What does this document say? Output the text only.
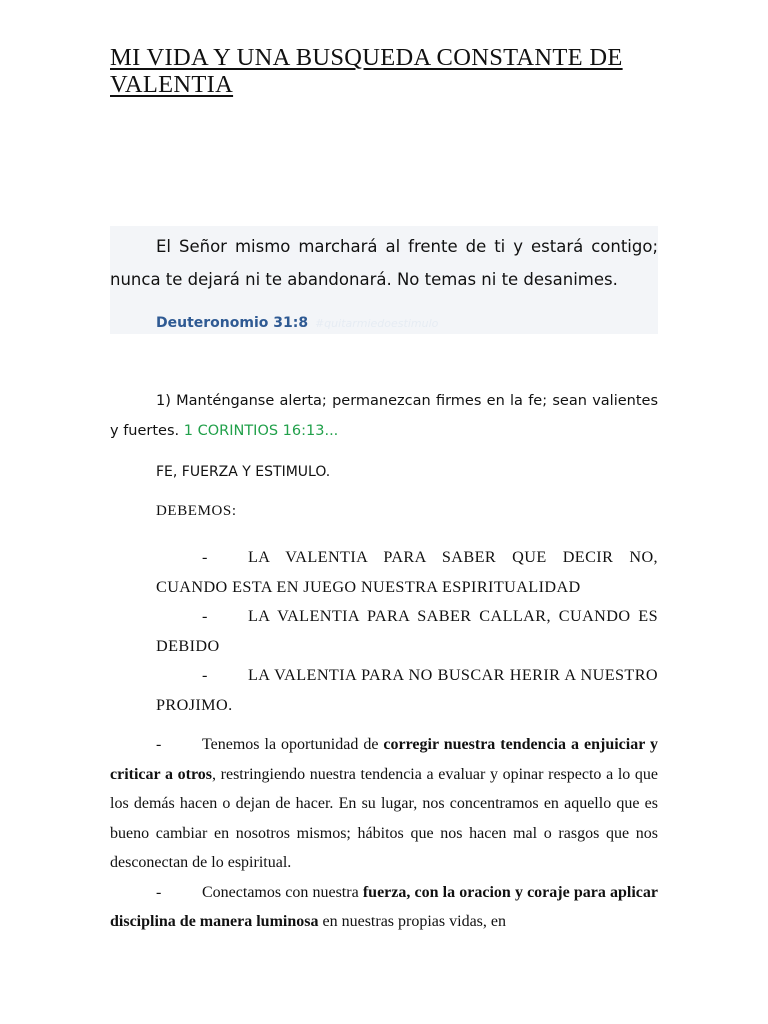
MI VIDA Y UNA BUSQUEDA CONSTANTE DE VALENTIA
El Señor mismo marchará al frente de ti y estará contigo; nunca te dejará ni te abandonará. No temas ni te desanimes.
Deuteronomio 31:8 #quitarmiedoestimulo
1) Manténganse alerta; permanezcan firmes en la fe; sean valientes y fuertes. 1 CORINTIOS 16:13...
FE, FUERZA Y ESTIMULO.
DEBEMOS:
- LA VALENTIA PARA SABER QUE DECIR NO, CUANDO ESTA EN JUEGO NUESTRA ESPIRITUALIDAD
- LA VALENTIA PARA SABER CALLAR, CUANDO ES DEBIDO
- LA VALENTIA PARA NO BUSCAR HERIR A NUESTRO PROJIMO.
-	Tenemos la oportunidad de corregir nuestra tendencia a enjuiciar y criticar a otros, restringiendo nuestra tendencia a evaluar y opinar respecto a lo que los demás hacen o dejan de hacer. En su lugar, nos concentramos en aquello que es bueno cambiar en nosotros mismos; hábitos que nos hacen mal o rasgos que nos desconectan de lo espiritual.
-	Conectamos con nuestra fuerza, con la oracion y coraje para aplicar disciplina de manera luminosa en nuestras propias vidas, en
